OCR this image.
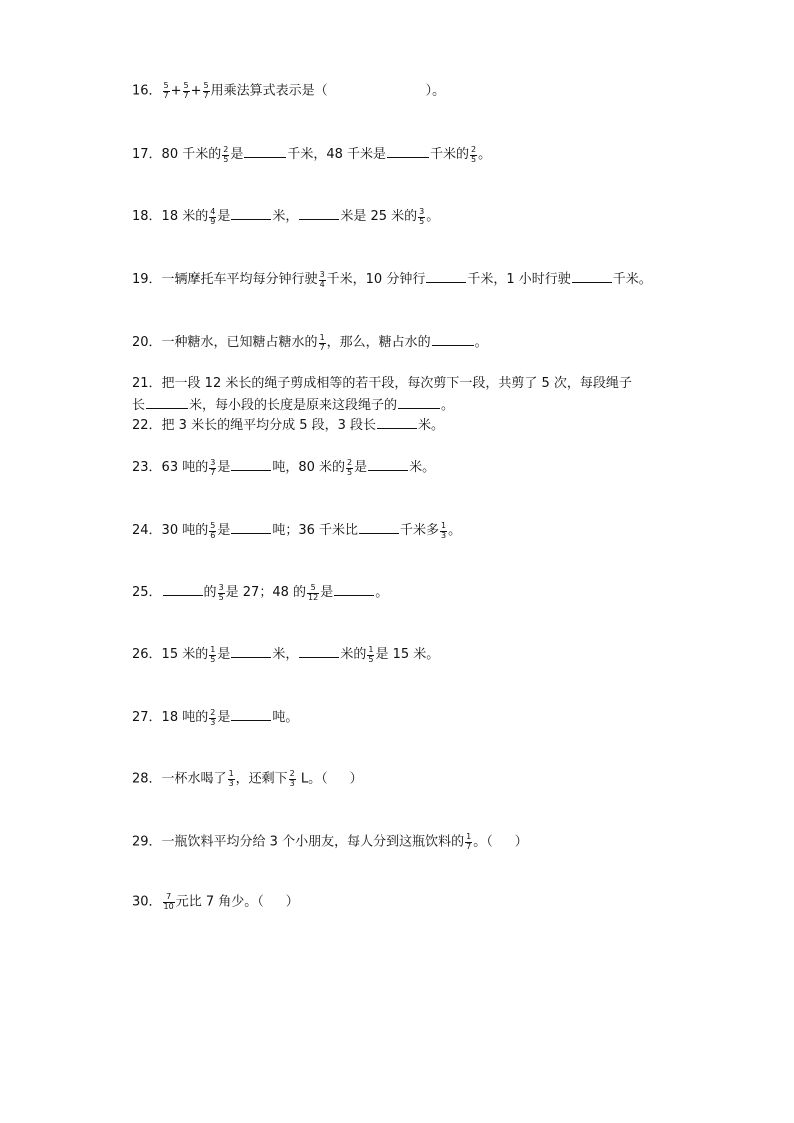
16． $\frac{5}{7} + \frac{5}{7} + \frac{5}{7}$ 用乘法算式表示是（	）。
17．80 千米的 $\frac{2}{5}$ 是	千米，48 千米是	千米的 $\frac{2}{5}$ 。
18．18 米的 $\frac{4}{9}$ 是	米，	米是 25 米的 $\frac{3}{5}$ 。
19．一辆摩托车平均每分钟行驶 $\frac{3}{4}$ 千米，10 分钟行	千米，1 小时行驶	千米。
20．一种糖水，已知糖占糖水的 $\frac{1}{7}$ ，那么，糖占水的	。
21．把一段 12 米长的绳子剪成相等的若干段，每次剪下一段，共剪了 5 次，每段绳子
长	米，每小段的长度是原来这段绳子的	。
22．把 3 米长的绳平均分成 5 段，3 段长	米。
23．63 吨的 $\frac{3}{7}$ 是	吨，80 米的 $\frac{2}{5}$ 是	米。
24．30 吨的 $\frac{5}{6}$ 是	吨；36 千米比	千米多 $\frac{1}{3}$ 。
25．	的 $\frac{3}{5}$ 是 27；48 的 $\frac{5}{12}$ 是	。
26．15 米的 $\frac{1}{5}$ 是	米，	米的 $\frac{1}{5}$ 是 15 米。
27．18 吨的 $\frac{2}{3}$ 是	吨。
28．一杯水喝了 $\frac{1}{3}$ ，还剩下 $\frac{2}{3}$ L。（ ）
29．一瓶饮料平均分给 3 个小朋友，每人分到这瓶饮料的 $\frac{1}{7}$ 。（ ）
30． $\frac{7}{10}$ 元比 7 角少。（ ）
